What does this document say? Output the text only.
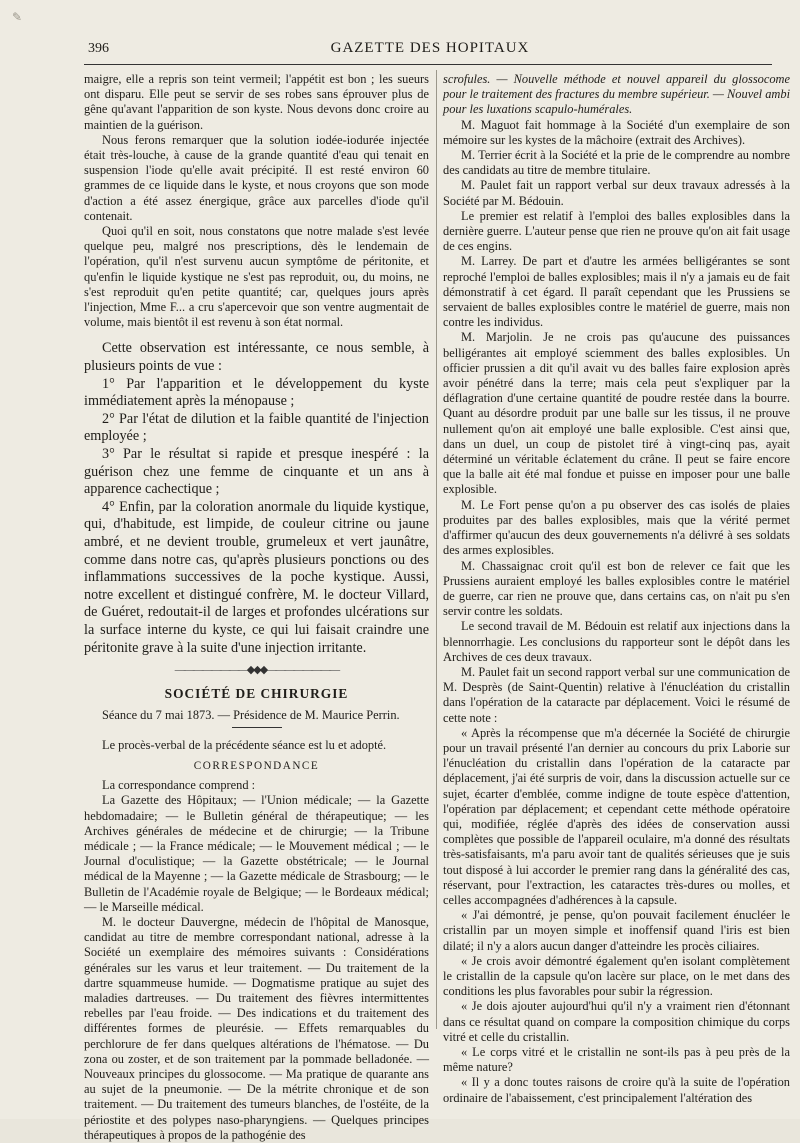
✎
396	GAZETTE DES HOPITAUX

maigre, elle a repris son teint vermeil; l'appétit est bon ; les sueurs ont disparu. Elle peut se servir de ses robes sans éprouver plus de gêne qu'avant l'apparition de son kyste. Nous devons donc croire au maintien de la guérison.

Nous ferons remarquer que la solution iodée-iodurée injectée était très-louche, à cause de la grande quantité d'eau qui tenait en suspension l'iode qu'elle avait précipité. Il est resté environ 60 grammes de ce liquide dans le kyste, et nous croyons que son mode d'action a été assez énergique, grâce aux parcelles d'iode qu'il contenait.

Quoi qu'il en soit, nous constatons que notre malade s'est levée quelque peu, malgré nos prescriptions, dès le lendemain de l'opération, qu'il n'est survenu aucun symptôme de péritonite, et qu'enfin le liquide kystique ne s'est pas reproduit, ou, du moins, ne s'est reproduit qu'en petite quantité; car, quelques jours après l'injection, Mme F... a cru s'apercevoir que son ventre augmentait de volume, mais bientôt il est revenu à son état normal.

Cette observation est intéressante, ce nous semble, à plusieurs points de vue :

1° Par l'apparition et le développement du kyste immédiatement après la ménopause ;

2° Par l'état de dilution et la faible quantité de l'injection employée ;

3° Par le résultat si rapide et presque inespéré : la guérison chez une femme de cinquante et un ans à apparence cachectique ;

4° Enfin, par la coloration anormale du liquide kystique, qui, d'habitude, est limpide, de couleur citrine ou jaune ambré, et ne devient trouble, grumeleux et vert jaunâtre, comme dans notre cas, qu'après plusieurs ponctions ou des inflammations successives de la poche kystique. Aussi, notre excellent et distingué confrère, M. le docteur Villard, de Guéret, redoutait-il de larges et profondes ulcérations sur la surface interne du kyste, ce qui lui faisait craindre une péritonite grave à la suite d'une injection irritante.

————————◆◆◆————————
SOCIÉTÉ DE CHIRURGIE

Séance du 7 mai 1873. — Présidence de M. Maurice Perrin.

Le procès-verbal de la précédente séance est lu et adopté.

CORRESPONDANCE

La correspondance comprend :

La Gazette des Hôpitaux; — l'Union médicale; — la Gazette hebdomadaire; — le Bulletin général de thérapeutique; — les Archives générales de médecine et de chirurgie; — la Tribune médicale ; — la France médicale; — le Mouvement médical ; — le Journal d'oculistique; — la Gazette obstétricale; — le Journal médical de la Mayenne ; — la Gazette médicale de Strasbourg; — le Bulletin de l'Académie royale de Belgique; — le Bordeaux médical; — le Marseille médical.

M. le docteur Dauvergne, médecin de l'hôpital de Manosque, candidat au titre de membre correspondant national, adresse à la Société un exemplaire des mémoires suivants : Considérations générales sur les varus et leur traitement. — Du traitement de la dartre squammeuse humide. — Dogmatisme pratique au sujet des maladies dartreuses. — Du traitement des fièvres intermittentes rebelles par l'eau froide. — Des indications et du traitement des différentes formes de pleurésie. — Effets remarquables du perchlorure de fer dans quelques altérations de l'hématose. — Du zona ou zoster, et de son traitement par la pommade belladonée. — Nouveaux principes du glossocome. — Ma pratique de quarante ans au sujet de la pneumonie. — De la métrite chronique et de son traitement. — Du traitement des tumeurs blanches, de l'ostéite, de la périostite et des polypes naso-pharyngiens. — Quelques principes thérapeutiques à propos de la pathogénie des

scrofules. — Nouvelle méthode et nouvel appareil du glossocome pour le traitement des fractures du membre supérieur. — Nouvel ambi pour les luxations scapulo-humérales.

M. Maguot fait hommage à la Société d'un exemplaire de son mémoire sur les kystes de la mâchoire (extrait des Archives).

M. Terrier écrit à la Société et la prie de le comprendre au nombre des candidats au titre de membre titulaire.

M. Paulet fait un rapport verbal sur deux travaux adressés à la Société par M. Bédouin.

Le premier est relatif à l'emploi des balles explosibles dans la dernière guerre. L'auteur pense que rien ne prouve qu'on ait fait usage de ces engins.

M. Larrey. De part et d'autre les armées belligérantes se sont reproché l'emploi de balles explosibles; mais il n'y a jamais eu de fait démonstratif à cet égard. Il paraît cependant que les Prussiens se servaient de balles explosibles contre le matériel de guerre, mais non contre les individus.

M. Marjolin. Je ne crois pas qu'aucune des puissances belligérantes ait employé sciemment des balles explosibles. Un officier prussien a dit qu'il avait vu des balles faire explosion après avoir pénétré dans la terre; mais cela peut s'expliquer par la déflagration d'une certaine quantité de poudre restée dans la bourre. Quant au désordre produit par une balle sur les tissus, il ne prouve nullement qu'on ait employé une balle explosible. C'est ainsi que, dans un duel, un coup de pistolet tiré à vingt-cinq pas, ayait déterminé un véritable éclatement du crâne. Il peut se faire encore que la balle ait été mal fondue et puisse en imposer pour une balle explosible.

M. Le Fort pense qu'on a pu observer des cas isolés de plaies produites par des balles explosibles, mais que la vérité permet d'affirmer qu'aucun des deux gouvernements n'a délivré à ses soldats des armes explosibles.

M. Chassaignac croit qu'il est bon de relever ce fait que les Prussiens auraient employé les balles explosibles contre le matériel de guerre, car rien ne prouve que, dans certains cas, on n'ait pu s'en servir contre les soldats.

Le second travail de M. Bédouin est relatif aux injections dans la blennorrhagie. Les conclusions du rapporteur sont le dépôt dans les Archives de ces deux travaux.

M. Paulet fait un second rapport verbal sur une communication de M. Desprès (de Saint-Quentin) relative à l'énucléation du cristallin dans l'opération de la cataracte par déplacement. Voici le résumé de cette note :

« Après la récompense que m'a décernée la Société de chirurgie pour un travail présenté l'an dernier au concours du prix Laborie sur l'énucléation du cristallin dans l'opération de la cataracte par déplacement, j'ai été surpris de voir, dans la discussion actuelle sur ce sujet, écarter d'emblée, comme indigne de toute espèce d'attention, l'opération par déplacement; et cependant cette méthode opératoire qui, modifiée, réglée d'après des idées de conservation aussi complètes que possible de l'appareil oculaire, m'a donné des résultats très-satisfaisants, m'a paru avoir tant de qualités sérieuses que je suis tout disposé à lui accorder le premier rang dans la généralité des cas, réservant, pour l'extraction, les cataractes très-dures ou molles, et celles accompagnées d'adhérences à la capsule.

« J'ai démontré, je pense, qu'on pouvait facilement énucléer le cristallin par un moyen simple et inoffensif quand l'iris est bien dilaté; il n'y a alors aucun danger d'atteindre les procès ciliaires.

« Je crois avoir démontré également qu'en isolant complètement le cristallin de la capsule qu'on lacère sur place, on le met dans des conditions les plus favorables pour subir la régression.

« Je dois ajouter aujourd'hui qu'il n'y a vraiment rien d'étonnant dans ce résultat quand on compare la composition chimique du corps vitré et celle du cristallin.

« Le corps vitré et le cristallin ne sont-ils pas à peu près de la même nature?

« Il y a donc toutes raisons de croire qu'à la suite de l'opération ordinaire de l'abaissement, c'est principalement l'altération des
